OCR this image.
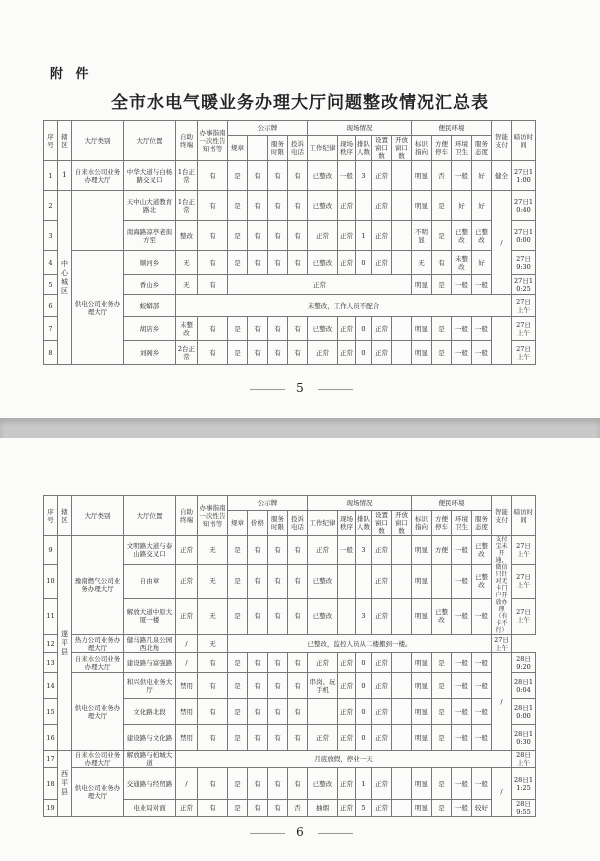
附 件
全市水电气暖业务办理大厅问题整改情况汇总表
序号	辖区	大厅类别	大厅位置	自助终端	办事指南一次性告知书等	公示牌				现场情况					便民环境				智能支付	暗访时间
						规章		服务时限	投诉电话	工作纪律	现场秩序	排队人数	设置窗口数	开放窗口数	标识指向	方便停车	环境卫生	服务态度		
1	1	自来水公司业务办理大厅	中华大道与白杨路交叉口	1台正常	有	是	有	有	有	已整改	一般	3	正常		明显	否	一般	好	健全	27日11:00
2	中心城区		天中山大道教育路北	1台正常	有	是	有	有	有	已整改	正常		正常		明显	是	好	好	/	27日10:40
3			南海路凉亭老街方至	整改	有	是	有	有	有	正常	正常	1	正常		不明显	是	已整改	已整改		27日10:00
4		供电公司业务办理大厅	顺河乡	无	有	是	有	有	有	已整改	正常	0	正常		无	有	未整改	好		27日9:30
5			香山乡	无	有	正常									明显	是	一般	一般		27日10:25
6			蛟蟒部	未整改，工作人员不配合																27日上午
7			胡店乡	未整改	有	是	有	有	有	已整改	正常	0	正常		明显	是	一般	一般		27日上午
8			刘阁乡	2台正常	有	是	有	有	有	正常	正常	0	正常		明显	是	一般	一般		27日上午
5
序号	辖区	大厅类别	大厅位置	自助终端	办事指南一次性告知书等	公示牌				现场情况					便民环境				智能支付	暗访时间
						规章	价格	服务时限	投诉电话	工作纪律	现场秩序	排队人数	设置窗口数	开放窗口数	标识指向	方便停车	环境卫生	服务态度		
9	遂平县	豫南燃气公司业务办理大厅	文明路大道与泰山路交叉口	正常	无	是	有	有	有	正常	一般	3	正常		明显	方便	一般	已整改	支付宝未开通，微信只针对无卡门户开放办理（有卡不行）	27日上午
10			自由章	正常	无	是	有	有	有	已整改			正常		明显		一般	已整改		27日上午
11			解放大道中原大厦一楼	正常	无	是	有	有	有	已整改		3	正常		明显	已整改	一般	一般		27日上午
12		热力公司业务办理大厅	健马路几泉公园西北角	/	无	已整改，监控人员从二楼搬到一楼。													27日上午	
13		自来水公司业务办理大厅	建设路与富强路	/	有	是	有	有	有	正常	正常	0	正常		明显	是	一般	一般	/	28日9:20
14		供电公司业务办理大厅	和兴供电业务大厅	禁用	有	是	有	有	有	串岗、玩手机	正常	0	正常		明显	是	一般	一般		28日10:04
15			文化路北段	禁用	有	是	有	有	有		正常	0	正常		明显	是	一般	一般		28日10:00
16			建设路与文化路	禁用	有	是	有	有	有	正常	正常	0	正常		明显	是	一般	一般		28日10:30
17	西平县	自来水公司业务办理大厅	解放路与柏城大道	月底放假，停业一天																28日上午
18		供电公司业务办理大厅	交通路与经贸路	/	有	是	有	有	有	已整改	正常	1	正常		明显	是	一般	一般	/	28日11:25
19			电业局对面	正常	有	是	有	有	否	抽烟	正常	5	正常		明显	是	一般	较好		28日9:55
6
